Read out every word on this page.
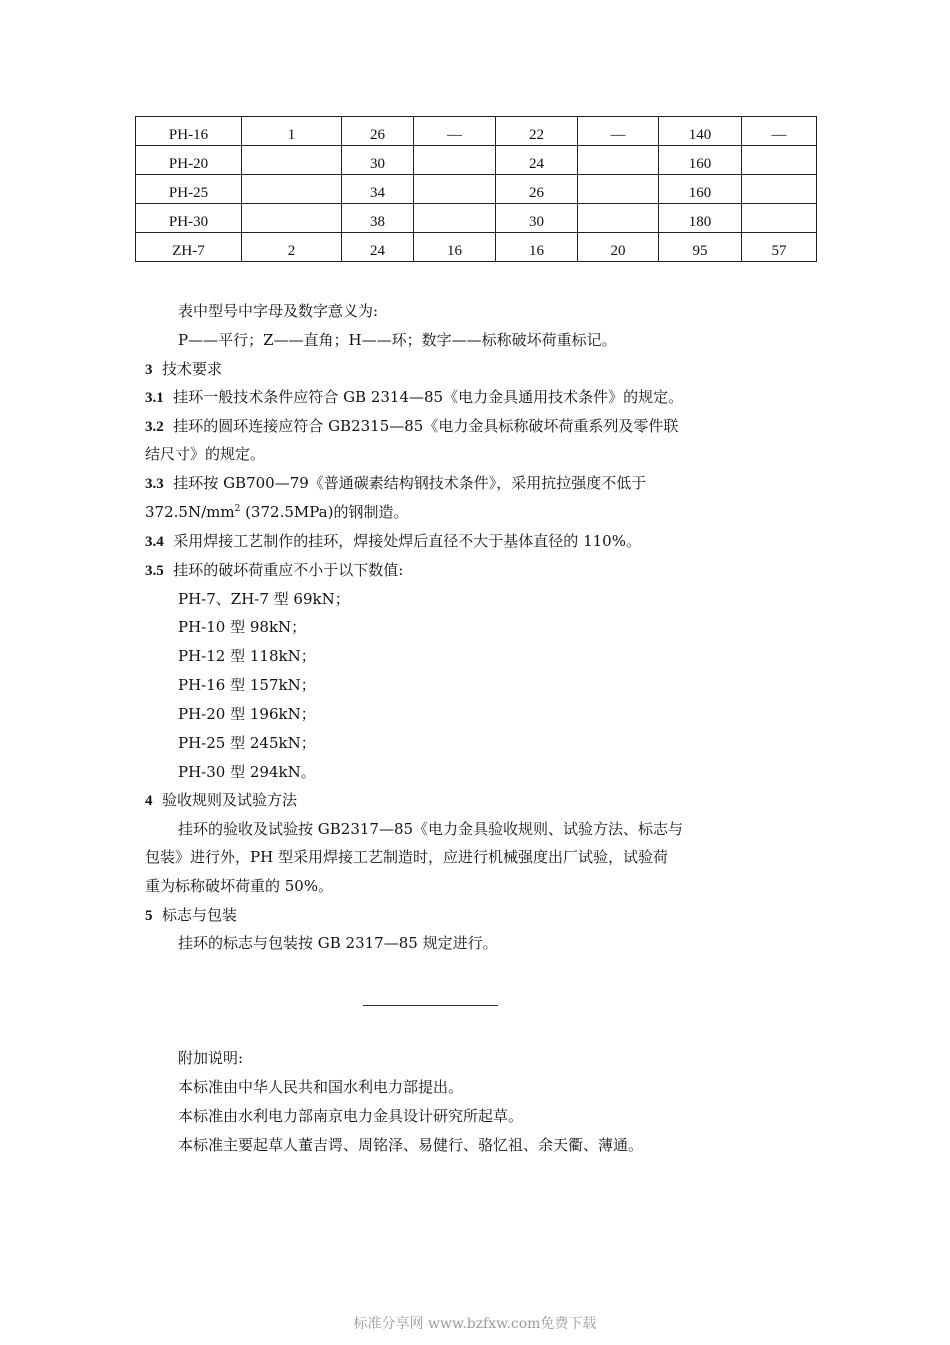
PH-16	1	26	—	22	—	140	—
PH-20		30		24		160	
PH-25		34		26		160	
PH-30		38		30		180	
ZH-7	2	24	16	16	20	95	57
表中型号中字母及数字意义为:
P——平行；Z——直角；H——环；数字——标称破坏荷重标记。
3 技术要求
3.1 挂环一般技术条件应符合 GB 2314—85《电力金具通用技术条件》的规定。
3.2 挂环的圆环连接应符合 GB2315—85《电力金具标称破坏荷重系列及零件联
结尺寸》的规定。
3.3 挂环按 GB700—79《普通碳素结构钢技术条件》，采用抗拉强度不低于
$372.5N/mm^2$ (372.5MPa)的钢制造。
3.4 采用焊接工艺制作的挂环，焊接处焊后直径不大于基体直径的 110%。
3.5 挂环的破坏荷重应不小于以下数值:
PH-7、ZH-7 型 69kN；
PH-10 型 98kN；
PH-12 型 118kN；
PH-16 型 157kN；
PH-20 型 196kN；
PH-25 型 245kN；
PH-30 型 294kN。
4 验收规则及试验方法
挂环的验收及试验按 GB2317—85《电力金具验收规则、试验方法、标志与
包装》进行外，PH 型采用焊接工艺制造时，应进行机械强度出厂试验，试验荷
重为标称破坏荷重的 50%。
5 标志与包装
挂环的标志与包装按 GB 2317—85 规定进行。
附加说明:
本标准由中华人民共和国水利电力部提出。
本标准由水利电力部南京电力金具设计研究所起草。
本标准主要起草人董吉谔、周铭泽、易健行、骆忆祖、余天衢、薄通。
标准分享网 www.bzfxw.com免费下载
